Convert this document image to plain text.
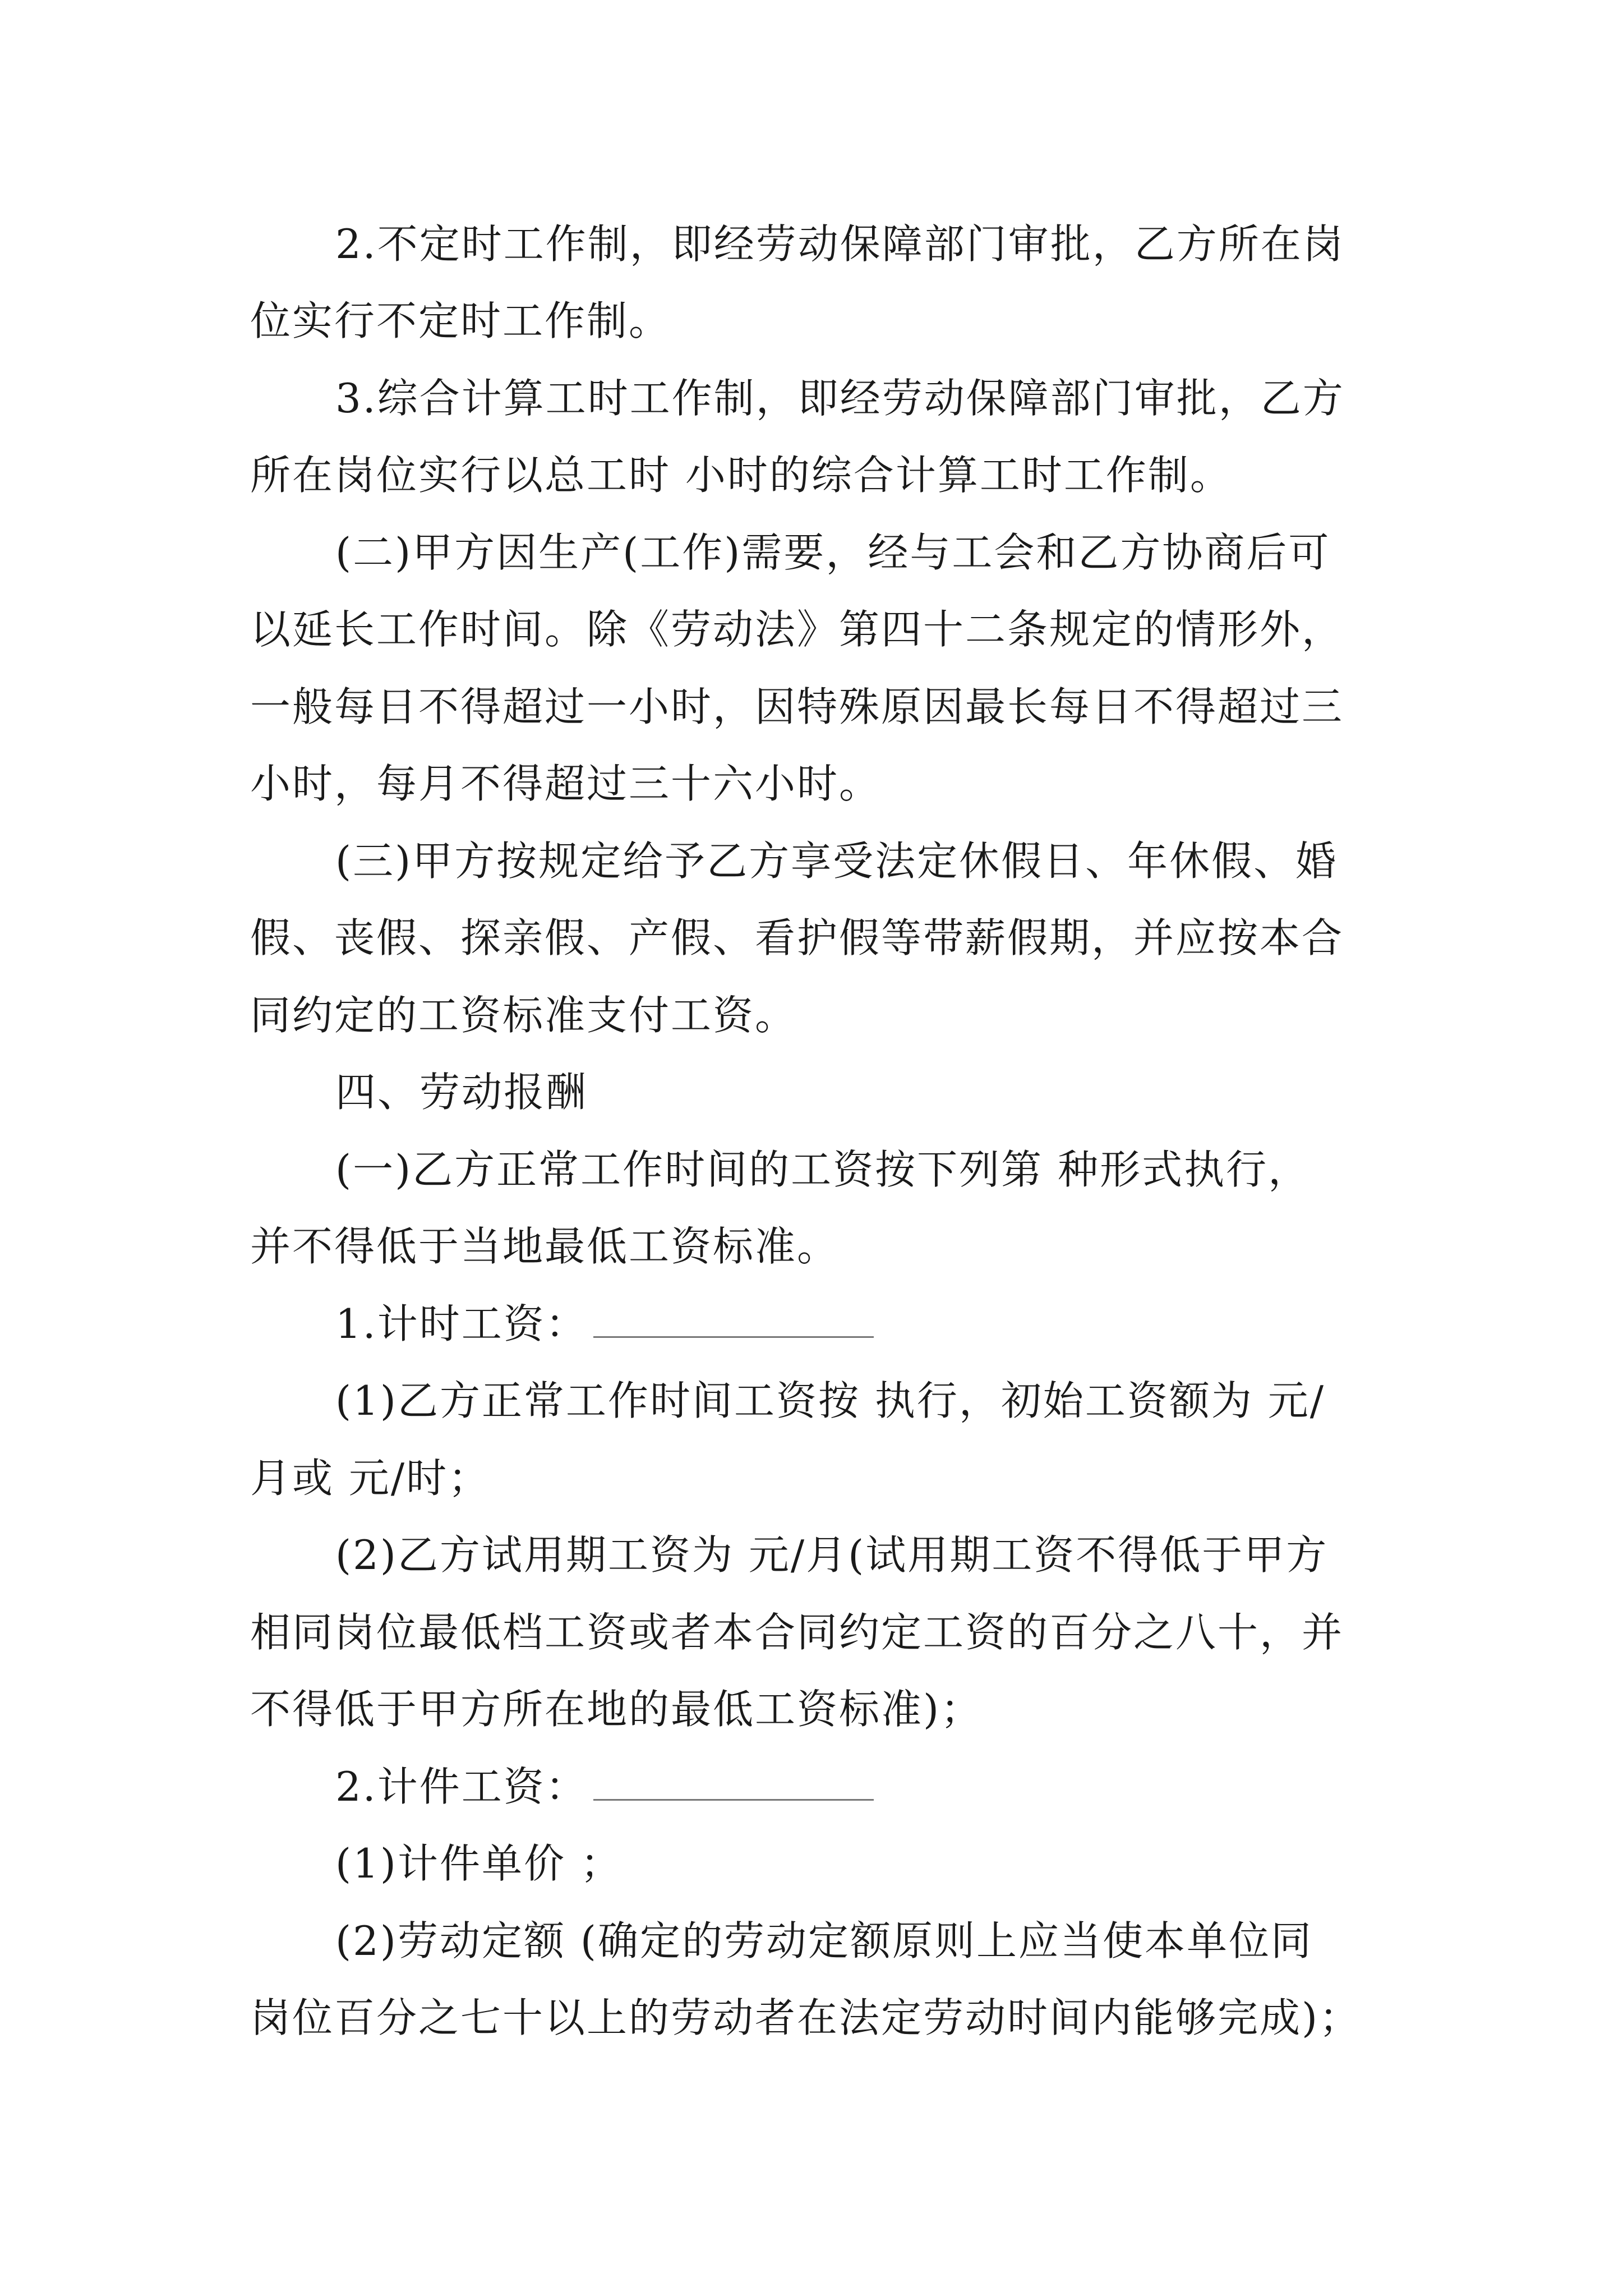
2.不定时工作制，即经劳动保障部门审批，乙方所在岗

位实行不定时工作制。

3.综合计算工时工作制，即经劳动保障部门审批，乙方

所在岗位实行以总工时 小时的综合计算工时工作制。

(二)甲方因生产(工作)需要，经与工会和乙方协商后可

以延长工作时间。除《劳动法》第四十二条规定的情形外，

一般每日不得超过一小时，因特殊原因最长每日不得超过三

小时，每月不得超过三十六小时。

(三)甲方按规定给予乙方享受法定休假日、年休假、婚

假、丧假、探亲假、产假、看护假等带薪假期，并应按本合

同约定的工资标准支付工资。

四、劳动报酬

(一)乙方正常工作时间的工资按下列第 种形式执行，

并不得低于当地最低工资标准。

1.计时工资：

(1)乙方正常工作时间工资按 执行，初始工资额为 元/

月或 元/时；

(2)乙方试用期工资为 元/月(试用期工资不得低于甲方

相同岗位最低档工资或者本合同约定工资的百分之八十，并

不得低于甲方所在地的最低工资标准)；

2.计件工资：

(1)计件单价 ；

(2)劳动定额 (确定的劳动定额原则上应当使本单位同

岗位百分之七十以上的劳动者在法定劳动时间内能够完成)；
